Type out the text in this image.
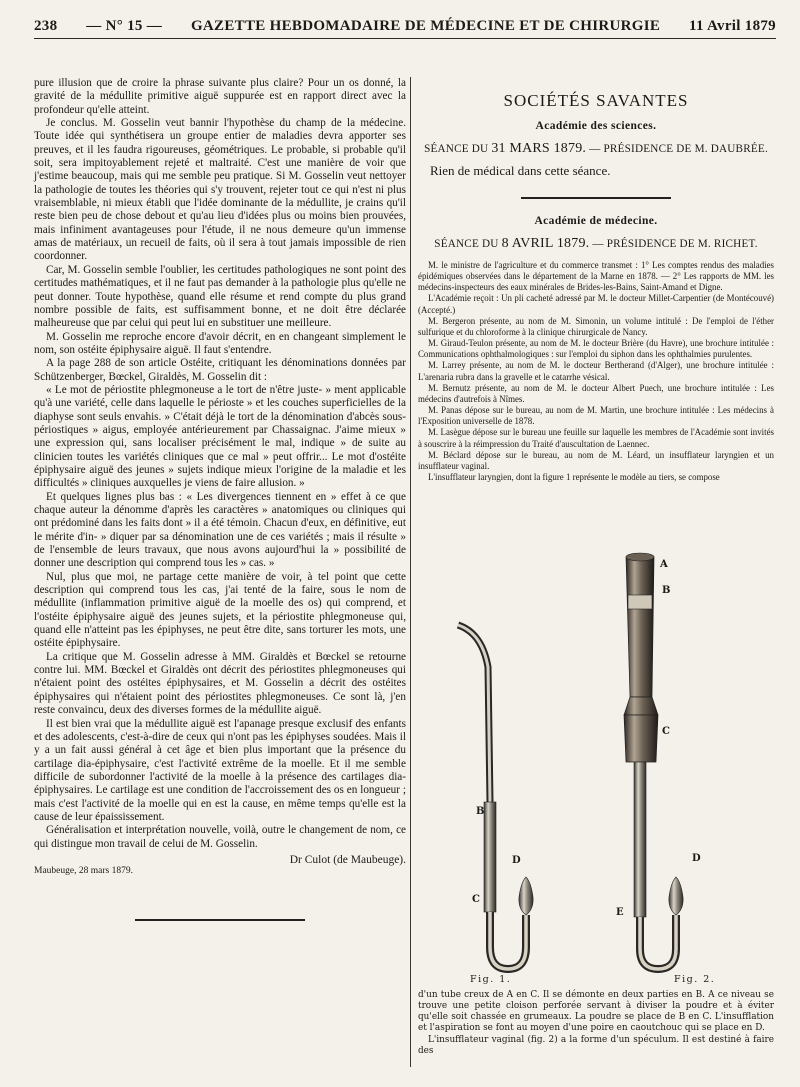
238 — N° 15 — GAZETTE HEBDOMADAIRE DE MÉDECINE ET DE CHIRURGIE 11 Avril 1879

pure illusion que de croire la phrase suivante plus claire? Pour un os donné, la gravité de la médullite primitive aiguë suppurée est en rapport direct avec la profondeur qu'elle atteint.

Je conclus. M. Gosselin veut bannir l'hypothèse du champ de la médecine. Toute idée qui synthétisera un groupe entier de maladies devra apporter ses preuves, et il les faudra rigoureuses, géométriques. Le probable, si probable qu'il soit, sera impitoyablement rejeté et maltraité. C'est une manière de voir que j'estime beaucoup, mais qui me semble peu pratique. Si M. Gosselin veut nettoyer la pathologie de toutes les théories qui s'y trouvent, rejeter tout ce qui n'est ni plus vraisemblable, ni mieux établi que l'idée dominante de la médullite, je crains qu'il reste bien peu de chose debout et qu'au lieu d'idées plus ou moins bien prouvées, mais infiniment avantageuses pour l'étude, il ne nous demeure qu'un immense amas de matériaux, un recueil de faits, où il sera à tout jamais impossible de rien coordonner.

Car, M. Gosselin semble l'oublier, les certitudes pathologiques ne sont point des certitudes mathématiques, et il ne faut pas demander à la pathologie plus qu'elle ne peut donner. Toute hypothèse, quand elle résume et rend compte du plus grand nombre possible de faits, est suffisamment bonne, et ne doit être déclarée malheureuse que par celui qui peut lui en substituer une meilleure.

M. Gosselin me reproche encore d'avoir décrit, en en changeant simplement le nom, son ostéite épiphysaire aiguë. Il faut s'entendre.

A la page 288 de son article Ostéite, critiquant les dénominations données par Schützenberger, Bœckel, Giraldès, M. Gosselin dit :

« Le mot de périostite phlegmoneuse a le tort de n'être juste- » ment applicable qu'à une variété, celle dans laquelle le périoste » et les couches superficielles de la diaphyse sont seuls envahis. » C'était déjà le tort de la dénomination d'abcès sous-périostiques » aigus, employée antérieurement par Chassaignac. J'aime mieux » une expression qui, sans localiser précisément le mal, indique » de suite au clinicien toutes les variétés cliniques que ce mal » peut offrir... Le mot d'ostéite épiphysaire aiguë des jeunes » sujets indique mieux l'origine de la maladie et les difficultés » cliniques auxquelles je viens de faire allusion. »

Et quelques lignes plus bas : « Les divergences tiennent en » effet à ce que chaque auteur la dénomme d'après les caractères » anatomiques ou cliniques qui ont prédominé dans les faits dont » il a été témoin. Chacun d'eux, en définitive, eut le mérite d'in- » diquer par sa dénomination une de ces variétés ; mais il résulte » de l'ensemble de leurs travaux, que nous avons aujourd'hui la » possibilité de donner une description qui comprend tous les » cas. »

Nul, plus que moi, ne partage cette manière de voir, à tel point que cette description qui comprend tous les cas, j'ai tenté de la faire, sous le nom de médullite (inflammation primitive aiguë de la moelle des os) qui comprend, et l'ostéite épiphysaire aiguë des jeunes sujets, et la périostite phlegmoneuse qui, quand elle n'atteint pas les épiphyses, ne peut être dite, sans torturer les mots, une ostéite épiphysaire.

La critique que M. Gosselin adresse à MM. Giraldès et Bœckel se retourne contre lui. MM. Bœckel et Giraldès ont décrit des périostites phlegmoneuses qui n'étaient point des ostéites épiphysaires, et M. Gosselin a décrit des ostéites épiphysaires qui n'étaient point des périostites phlegmoneuses. Ce sont là, j'en reste convaincu, deux des diverses formes de la médullite aiguë.

Il est bien vrai que la médullite aiguë est l'apanage presque exclusif des enfants et des adolescents, c'est-à-dire de ceux qui n'ont pas les épiphyses soudées. Mais il y a un fait aussi général à cet âge et bien plus important que la présence du cartilage dia-épiphysaire, c'est l'activité extrême de la moelle. Et il me semble difficile de subordonner l'activité de la moelle à la présence des cartilages dia-épiphysaires. Le cartilage est une condition de l'accroissement des os en longueur ; mais c'est l'activité de la moelle qui en est la cause, en même temps qu'elle est la cause de leur épaississement.

Généralisation et interprétation nouvelle, voilà, outre le changement de nom, ce qui distingue mon travail de celui de M. Gosselin.

Dr Culot (de Maubeuge).
Maubeuge, 28 mars 1879.
SOCIÉTÉS SAVANTES
Académie des sciences.
SÉANCE DU 31 MARS 1879. — PRÉSIDENCE DE M. DAUBRÉE.
Rien de médical dans cette séance.
Académie de médecine.
SÉANCE DU 8 AVRIL 1879. — PRÉSIDENCE DE M. RICHET.

M. le ministre de l'agriculture et du commerce transmet : 1° Les comptes rendus des maladies épidémiques observées dans le département de la Marne en 1878. — 2° Les rapports de MM. les médecins-inspecteurs des eaux minérales de Brides-les-Bains, Saint-Amand et Digne.

L'Académie reçoit : Un pli cacheté adressé par M. le docteur Millet-Carpentier (de Montécouvé) (Accepté.)

M. Bergeron présente, au nom de M. Simonin, un volume intitulé : De l'emploi de l'éther sulfurique et du chloroforme à la clinique chirurgicale de Nancy.

M. Giraud-Teulon présente, au nom de M. le docteur Brière (du Havre), une brochure intitulée : Communications ophthalmologiques : sur l'emploi du siphon dans les ophthalmies purulentes.

M. Larrey présente, au nom de M. le docteur Bertherand (d'Alger), une brochure intitulée : L'arenaria rubra dans la gravelle et le catarrhe vésical.

M. Bernutz présente, au nom de M. le docteur Albert Puech, une brochure intitulée : Les médecins d'autrefois à Nîmes.

M. Panas dépose sur le bureau, au nom de M. Martin, une brochure intitulée : Les médecins à l'Exposition universelle de 1878.

M. Lasègue dépose sur le bureau une feuille sur laquelle les membres de l'Académie sont invités à souscrire à la réimpression du Traité d'auscultation de Laennec.

M. Béclard dépose sur le bureau, au nom de M. Léard, un insufflateur laryngien et un insufflateur vaginal.

L'insufflateur laryngien, dont la figure 1 représente le modèle au tiers, se compose

B
C
D
A
B
C
D
E
Fig. 1.	Fig. 2.

d'un tube creux de A en C. Il se démonte en deux parties en B. A ce niveau se trouve une petite cloison perforée servant à diviser la poudre et à éviter qu'elle soit chassée en grumeaux. La poudre se place de B en C. L'insufflation et l'aspiration se font au moyen d'une poire en caoutchouc qui se place en D.

L'insufflateur vaginal (fig. 2) a la forme d'un spéculum. Il est destiné à faire des
